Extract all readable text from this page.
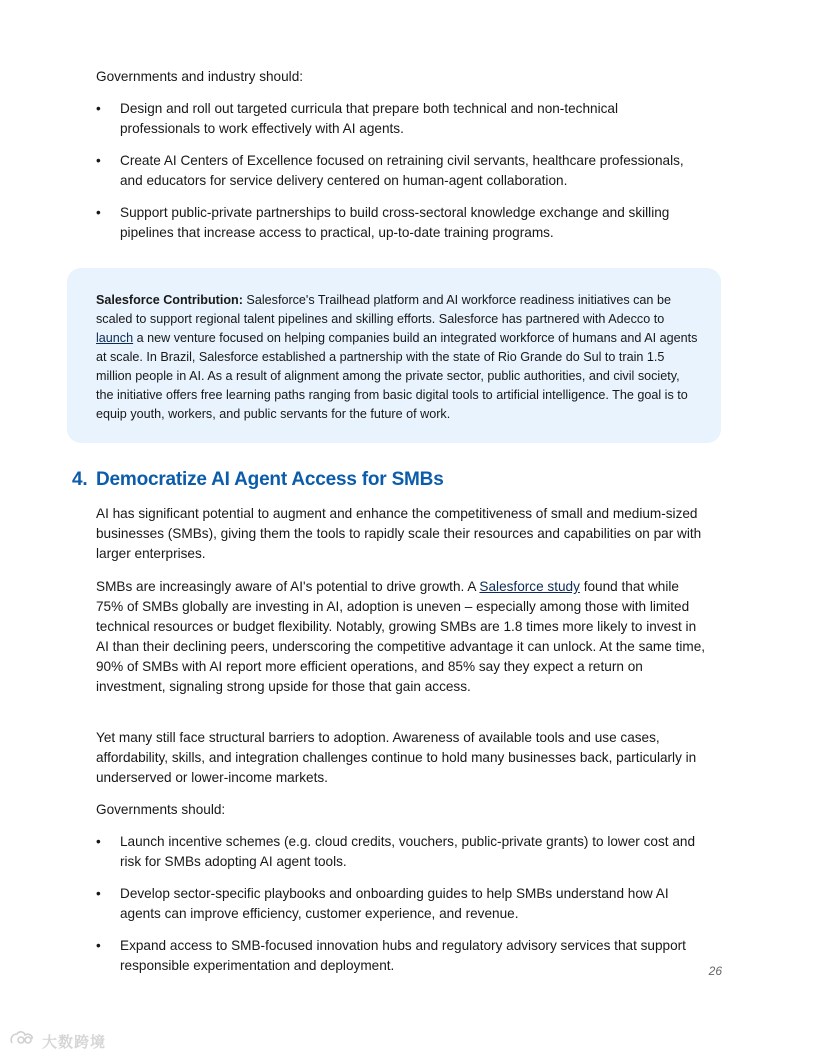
Governments and industry should:

•	Design and roll out targeted curricula that prepare both technical and non-technical professionals to work effectively with AI agents.
•	Create AI Centers of Excellence focused on retraining civil servants, healthcare professionals, and educators for service delivery centered on human-agent collaboration.
•	Support public-private partnerships to build cross-sectoral knowledge exchange and skilling pipelines that increase access to practical, up-to-date training programs.

Salesforce Contribution: Salesforce's Trailhead platform and AI workforce readiness initiatives can be scaled to support regional talent pipelines and skilling efforts. Salesforce has partnered with Adecco to launch a new venture focused on helping companies build an integrated workforce of humans and AI agents at scale. In Brazil, Salesforce established a partnership with the state of Rio Grande do Sul to train 1.5 million people in AI. As a result of alignment among the private sector, public authorities, and civil society, the initiative offers free learning paths ranging from basic digital tools to artificial intelligence. The goal is to equip youth, workers, and public servants for the future of work.

4. Democratize AI Agent Access for SMBs

AI has significant potential to augment and enhance the competitiveness of small and medium-sized businesses (SMBs), giving them the tools to rapidly scale their resources and capabilities on par with larger enterprises.

SMBs are increasingly aware of AI's potential to drive growth. A Salesforce study found that while 75% of SMBs globally are investing in AI, adoption is uneven – especially among those with limited technical resources or budget flexibility. Notably, growing SMBs are 1.8 times more likely to invest in AI than their declining peers, underscoring the competitive advantage it can unlock. At the same time, 90% of SMBs with AI report more efficient operations, and 85% say they expect a return on investment, signaling strong upside for those that gain access.

Yet many still face structural barriers to adoption. Awareness of available tools and use cases, affordability, skills, and integration challenges continue to hold many businesses back, particularly in underserved or lower-income markets.

Governments should:

•	Launch incentive schemes (e.g. cloud credits, vouchers, public-private grants) to lower cost and risk for SMBs adopting AI agent tools.
•	Develop sector-specific playbooks and onboarding guides to help SMBs understand how AI agents can improve efficiency, customer experience, and revenue.
•	Expand access to SMB-focused innovation hubs and regulatory advisory services that support responsible experimentation and deployment.	26
大数跨境
